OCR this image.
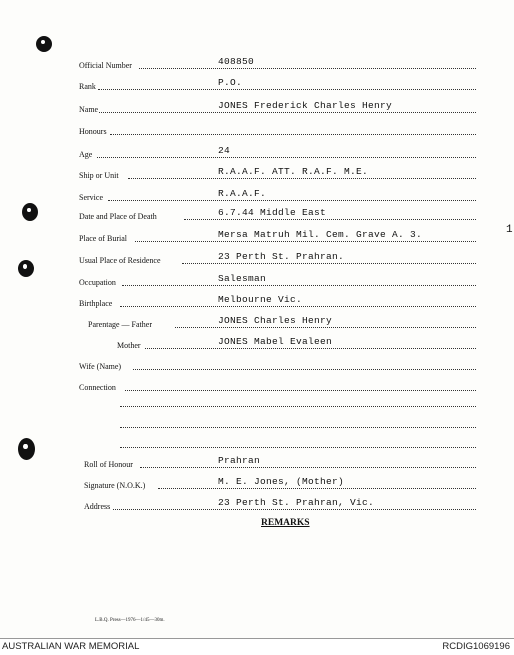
Official Number	408850
Rank	P.O.
Name	JONES Frederick Charles Henry
Honours
Age	24
Ship or Unit	R.A.A.F. ATT. R.A.F. M.E.
Service	R.A.A.F.
Date and Place of Death	6.7.44 Middle East
Place of Burial	Mersa Matruh Mil. Cem. Grave A. 3.
Usual Place of Residence	23 Perth St. Prahran.
Occupation	Salesman
Birthplace	Melbourne Vic.
Parentage — Father	JONES Charles Henry
Mother	JONES Mabel Evaleen
Wife (Name)
Connection
Roll of Honour	Prahran
Signature (N.O.K.)	M. E. Jones, (Mother)
Address	23 Perth St. Prahran, Vic.
REMARKS
1
L.B.Q. Press—1976—1/45—30m.
AUSTRALIAN WAR MEMORIAL	RCDIG1069196
